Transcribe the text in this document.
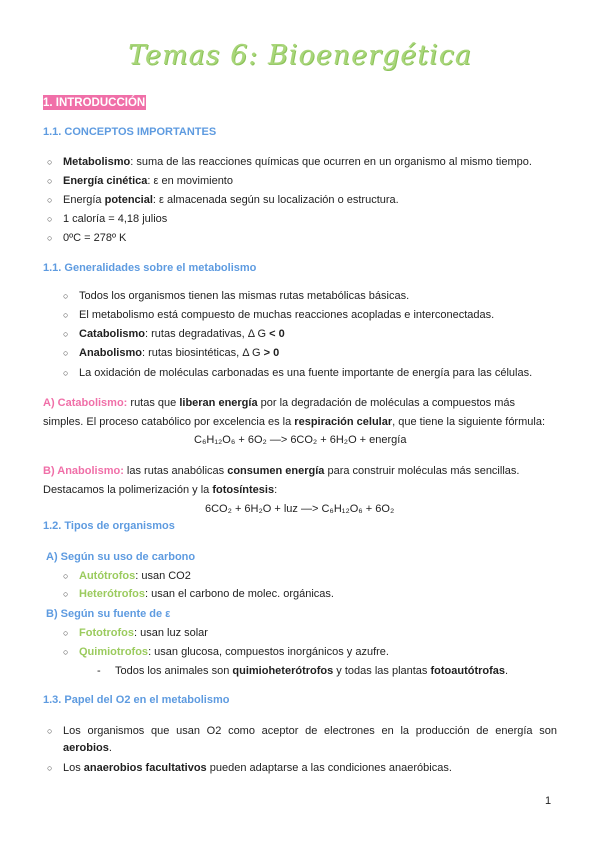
Temas 6: Bioenergética
1. INTRODUCCIÓN
1.1. CONCEPTOS IMPORTANTES
○ Metabolismo: suma de las reacciones químicas que ocurren en un organismo al mismo tiempo.
○ Energía cinética: ε en movimiento
○ Energía potencial: ε almacenada según su localización o estructura.
○ 1 caloría = 4,18 julios
○ 0ºC = 278º K
1.1. Generalidades sobre el metabolismo
○ Todos los organismos tienen las mismas rutas metabólicas básicas.
○ El metabolismo está compuesto de muchas reacciones acopladas e interconectadas.
○ Catabolismo: rutas degradativas, Δ G < 0
○ Anabolismo: rutas biosintéticas, Δ G > 0
○ La oxidación de moléculas carbonadas es una fuente importante de energía para las células.
A) Catabolismo: rutas que liberan energía por la degradación de moléculas a compuestos más
simples. El proceso catabólico por excelencia es la respiración celular, que tiene la siguiente fórmula:
C₆H₁₂O₆ + 6O₂ —> 6CO₂ + 6H₂O + energía
B) Anabolismo: las rutas anabólicas consumen energía para construir moléculas más sencillas.
Destacamos la polimerización y la fotosíntesis:
6CO₂ + 6H₂O + luz —> C₆H₁₂O₆ + 6O₂
1.2. Tipos de organismos
A) Según su uso de carbono
○ Autótrofos: usan CO2
○ Heterótrofos: usan el carbono de molec. orgánicas.
B) Según su fuente de ε
○ Fototrofos: usan luz solar
○ Quimiotrofos: usan glucosa, compuestos inorgánicos y azufre.
- Todos los animales son quimioheterótrofos y todas las plantas fotoautótrofas.
1.3. Papel del O2 en el metabolismo
○ Los organismos que usan O2 como aceptor de electrones en la producción de energía son
aerobios.
○ Los anaerobios facultativos pueden adaptarse a las condiciones anaeróbicas.
1
